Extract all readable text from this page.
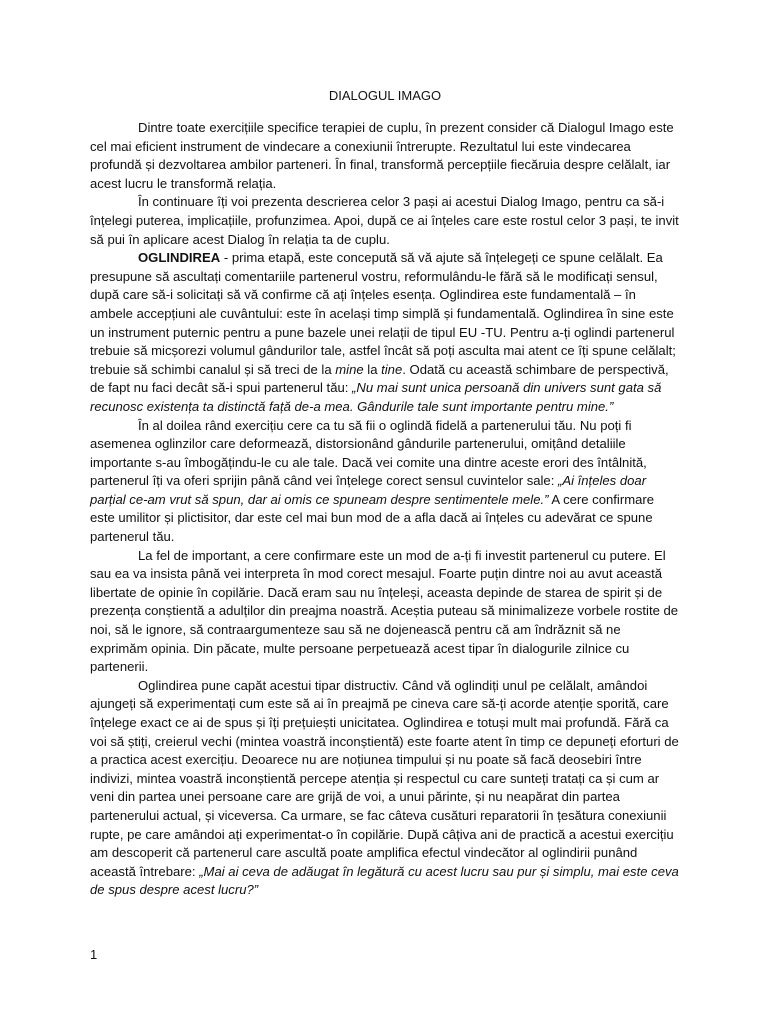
DIALOGUL IMAGO

Dintre toate exercițiile specifice terapiei de cuplu, în prezent consider că Dialogul Imago este cel mai eficient instrument de vindecare a conexiunii întrerupte. Rezultatul lui este vindecarea profundă și dezvoltarea ambilor parteneri. În final, transformă percepțiile fiecăruia despre celălalt, iar acest lucru le transformă relația.

În continuare îți voi prezenta descrierea celor 3 pași ai acestui Dialog Imago, pentru ca să-i înțelegi puterea, implicațiile, profunzimea. Apoi, după ce ai înțeles care este rostul celor 3 pași, te invit să pui în aplicare acest Dialog în relația ta de cuplu.

OGLINDIREA - prima etapă, este concepută să vă ajute să înțelegeți ce spune celălalt. Ea presupune să ascultați comentariile partenerul vostru, reformulându-le fără să le modificați sensul, după care să-i solicitați să vă confirme că ați înțeles esența. Oglindirea este fundamentală – în ambele accepțiuni ale cuvântului: este în același timp simplă și fundamentală. Oglindirea în sine este un instrument puternic pentru a pune bazele unei relații de tipul EU -TU. Pentru a-ți oglindi partenerul trebuie să micșorezi volumul gândurilor tale, astfel încât să poți asculta mai atent ce îți spune celălalt; trebuie să schimbi canalul și să treci de la mine la tine. Odată cu această schimbare de perspectivă, de fapt nu faci decât să-i spui partenerul tău: „Nu mai sunt unica persoană din univers sunt gata să recunosc existența ta distinctă față de-a mea. Gândurile tale sunt importante pentru mine.”

În al doilea rând exercițiu cere ca tu să fii o oglindă fidelă a partenerului tău. Nu poți fi asemenea oglinzilor care deformează, distorsionând gândurile partenerului, omițând detaliile importante s-au îmbogățindu-le cu ale tale. Dacă vei comite una dintre aceste erori des întâlnită, partenerul îți va oferi sprijin până când vei înțelege corect sensul cuvintelor sale: „Ai înțeles doar parțial ce-am vrut să spun, dar ai omis ce spuneam despre sentimentele mele.” A cere confirmare este umilitor și plictisitor, dar este cel mai bun mod de a afla dacă ai înțeles cu adevărat ce spune partenerul tău.

La fel de important, a cere confirmare este un mod de a-ți fi investit partenerul cu putere. El sau ea va insista până vei interpreta în mod corect mesajul. Foarte puțin dintre noi au avut această libertate de opinie în copilărie. Dacă eram sau nu înțeleși, aceasta depinde de starea de spirit și de prezența conștientă a adulților din preajma noastră. Aceștia puteau să minimalizeze vorbele rostite de noi, să le ignore, să contraargumenteze sau să ne dojenească pentru că am îndrăznit să ne exprimăm opinia. Din păcate, multe persoane perpetuează acest tipar în dialogurile zilnice cu partenerii.

Oglindirea pune capăt acestui tipar distructiv. Când vă oglindiți unul pe celălalt, amândoi ajungeți să experimentați cum este să ai în preajmă pe cineva care să-ți acorde atenție sporită, care înțelege exact ce ai de spus și îți prețuiești unicitatea. Oglindirea e totuși mult mai profundă. Fără ca voi să știți, creierul vechi (mintea voastră inconștientă) este foarte atent în timp ce depuneți eforturi de a practica acest exercițiu. Deoarece nu are noțiunea timpului și nu poate să facă deosebiri între indivizi, mintea voastră inconștientă percepe atenția și respectul cu care sunteți tratați ca și cum ar veni din partea unei persoane care are grijă de voi, a unui părinte, și nu neapărat din partea partenerului actual, și viceversa. Ca urmare, se fac câteva cusături reparatorii în țesătura conexiunii rupte, pe care amândoi ați experimentat-o în copilărie. După câțiva ani de practică a acestui exercițiu am descoperit că partenerul care ascultă poate amplifica efectul vindecător al oglindirii punând această întrebare: „Mai ai ceva de adăugat în legătură cu acest lucru sau pur și simplu, mai este ceva de spus despre acest lucru?”

1
